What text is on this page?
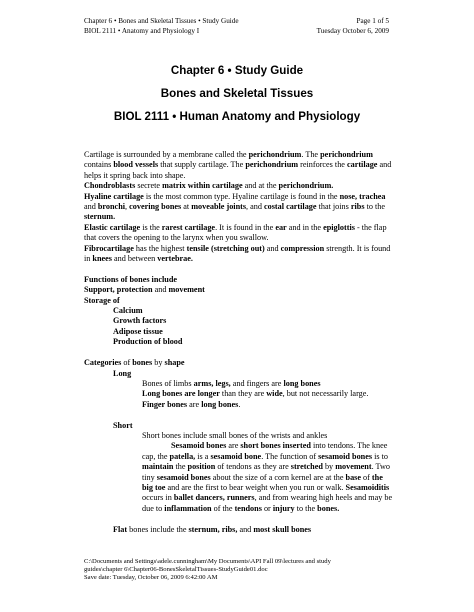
Chapter 6 • Bones and Skeletal Tissues • Study Guide
BIOL 2111 • Anatomy and Physiology I
Page 1 of 5
Tuesday October 6, 2009
Chapter 6 • Study Guide
Bones and Skeletal Tissues
BIOL 2111 • Human Anatomy and Physiology

Cartilage is surrounded by a membrane called the perichondrium. The perichondrium contains blood vessels that supply cartilage. The perichondrium reinforces the cartilage and helps it spring back into shape.

Chondroblasts secrete matrix within cartilage and at the perichondrium.

Hyaline cartilage is the most common type. Hyaline cartilage is found in the nose, trachea and bronchi, covering bones at moveable joints, and costal cartilage that joins ribs to the sternum.

Elastic cartilage is the rarest cartilage. It is found in the ear and in the epiglottis - the flap that covers the opening to the larynx when you swallow.

Fibrocartilage has the highest tensile (stretching out) and compression strength. It is found in knees and between vertebrae.

Functions of bones include

Support, protection and movement

Storage of

Calcium

Growth factors

Adipose tissue

Production of blood

Categories of bones by shape

Long

Bones of limbs arms, legs, and fingers are long bones

Long bones are longer than they are wide, but not necessarily large.

Finger bones are long bones.

Short

Short bones include small bones of the wrists and ankles

Sesamoid bones are short bones inserted into tendons. The knee cap, the patella, is a sesamoid bone. The function of sesamoid bones is to maintain the position of tendons as they are stretched by movement. Two tiny sesamoid bones about the size of a corn kernel are at the base of the big toe and are the first to bear weight when you run or walk. Sesamoiditis occurs in ballet dancers, runners, and from wearing high heels and may be due to inflammation of the tendons or injury to the bones.

Flat bones include the sternum, ribs, and most skull bones

C:\Documents and Settings\adele.cunningham\My Documents\API Fall 09\lectures and study
guides\chapter 6\Chapter06-BonesSkeletalTissues-StudyGuide01.doc
Save date: Tuesday, October 06, 2009 6:42:00 AM
